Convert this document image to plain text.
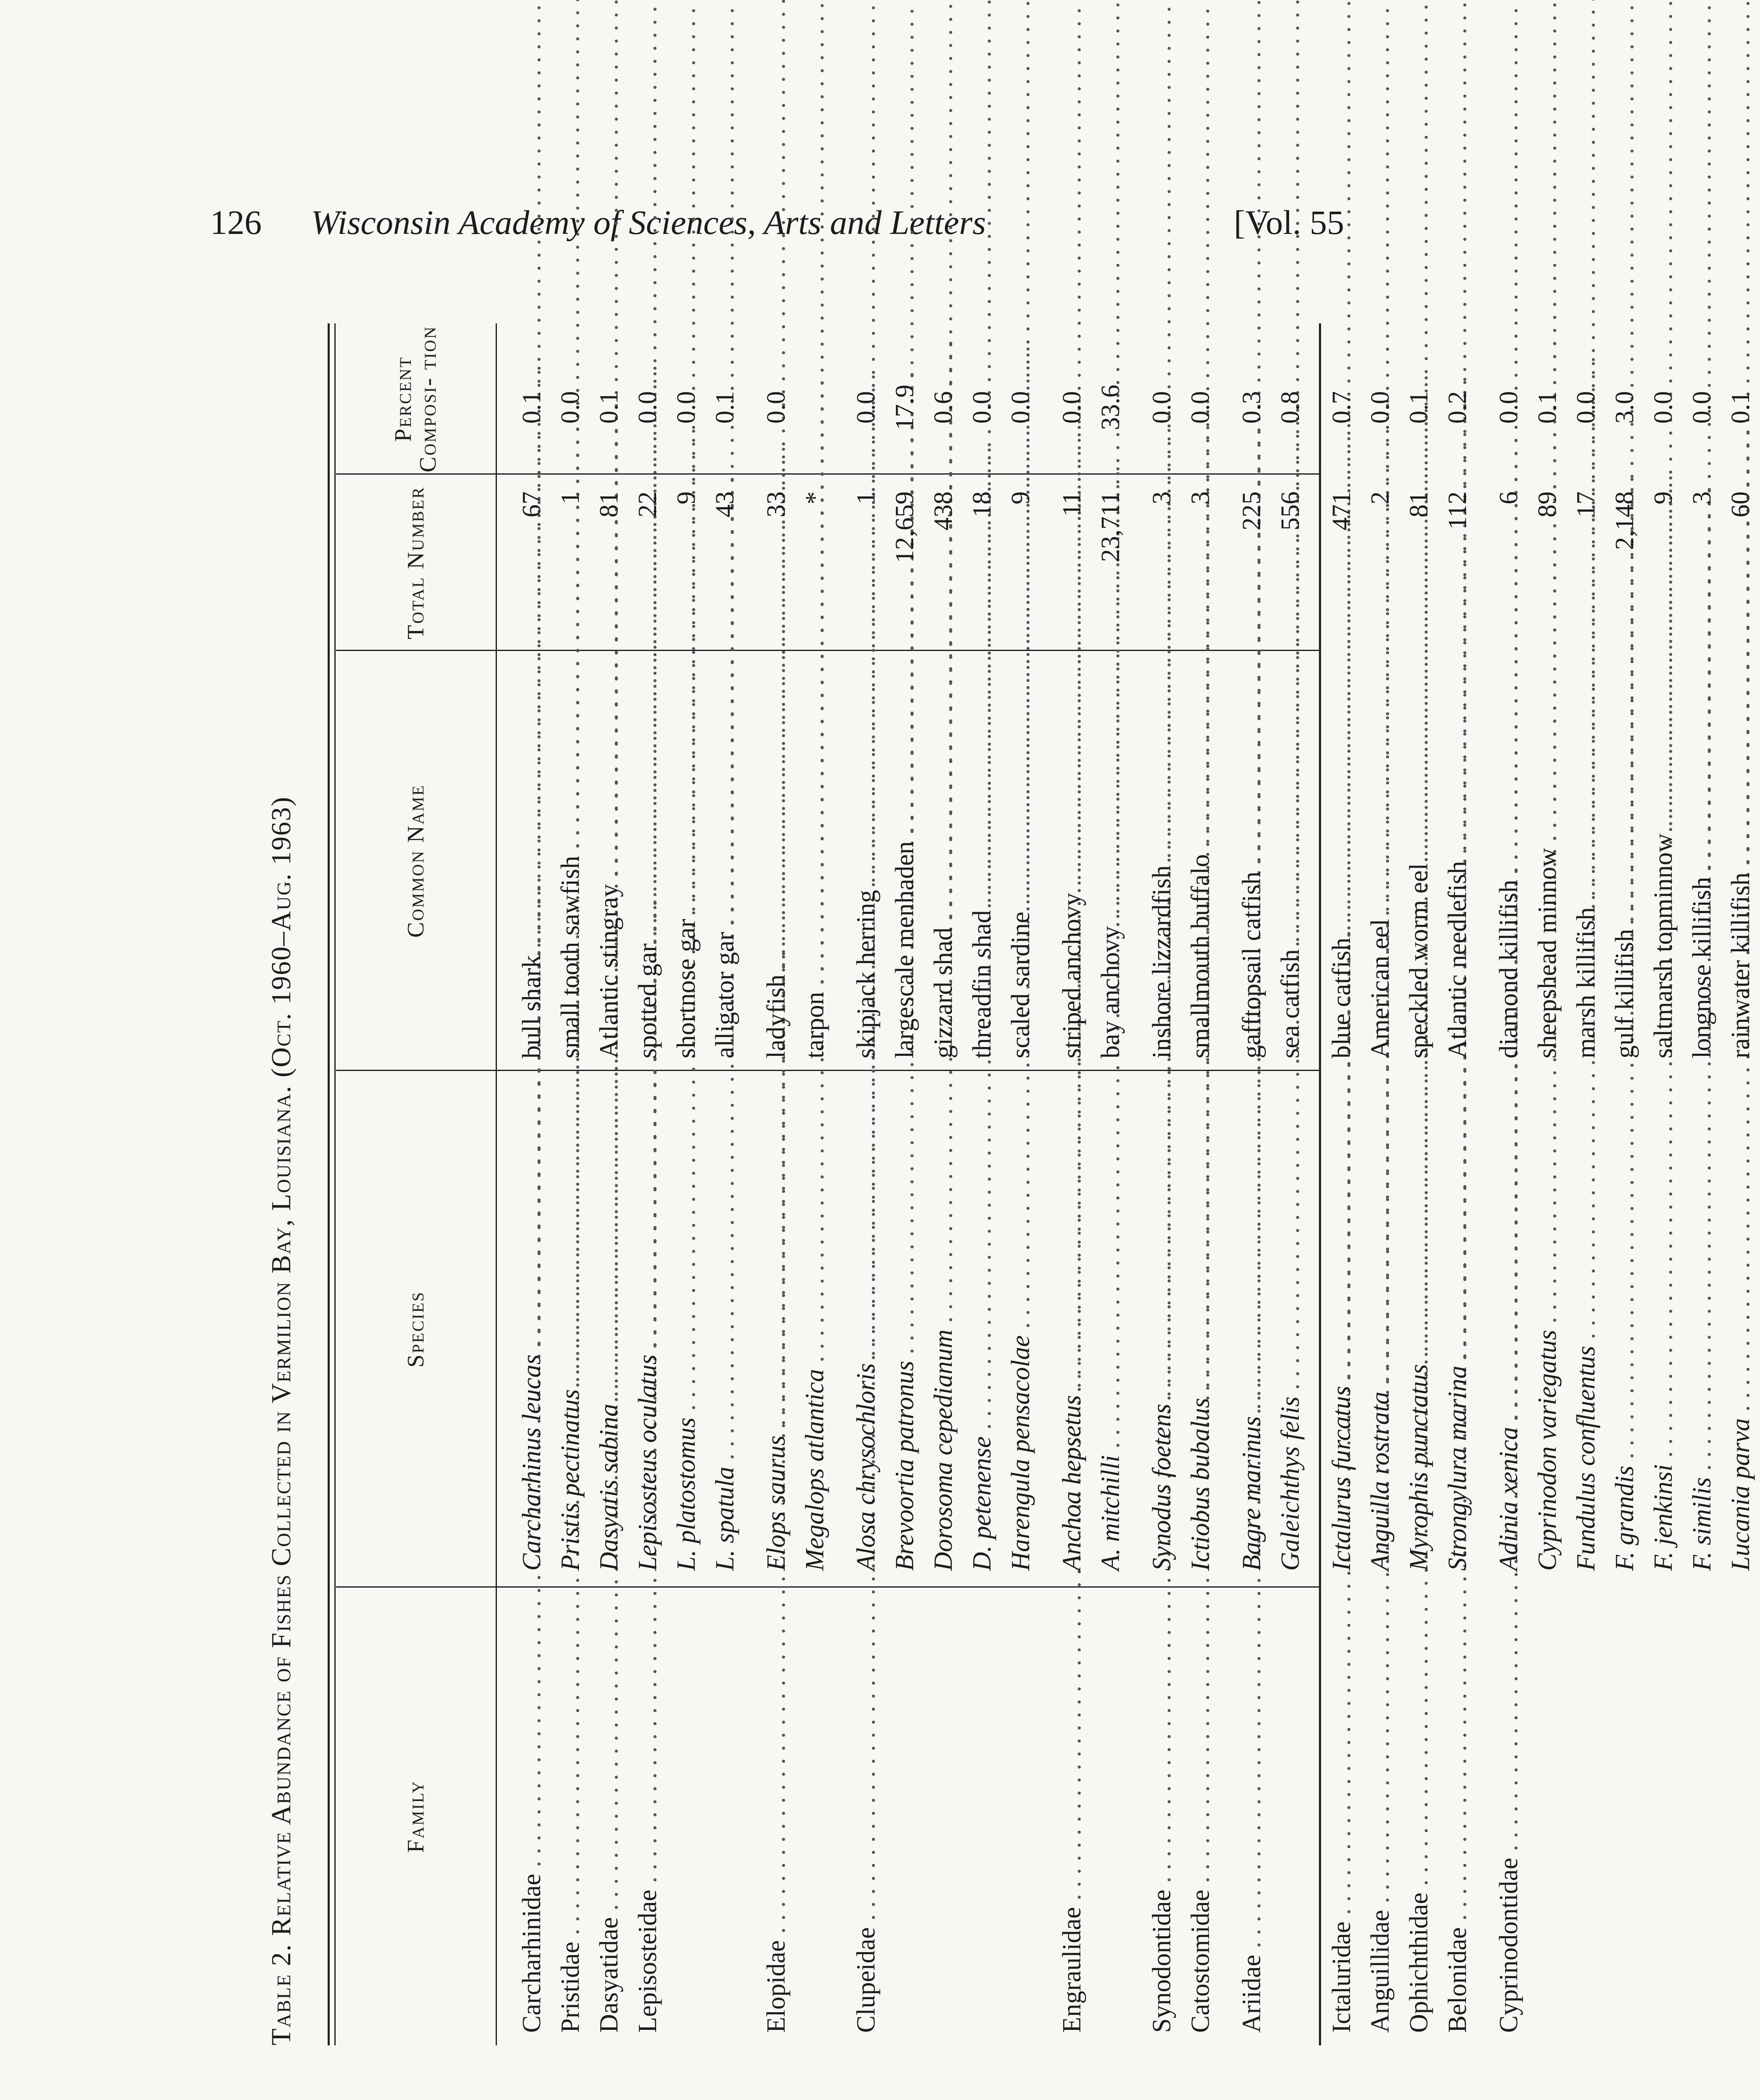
126	Wisconsin Academy of Sciences, Arts and Letters	[Vol. 55
Table 2.

Relative Abundance of Fishes Collected in Vermilion Bay, Louisiana.

(Oct. 1960–Aug. 1963)
Family
Species
Common Name
Total Number
Percent Composi- tion
Carcharhinidae . . .
Carcharhinus leucas . . .
bull shark . . .
67
0.1
Pristidae . . .
Pristis pectinatus . . .
small tooth sawfish . . .
1
0.0
Dasyatidae . . .
Dasyatis sabina . . .
Atlantic stingray . . .
81
0.1
Lepisosteidae . . .
Lepisosteus oculatus . . .
spotted gar . . .
22
0.0
L. platostomus . . .
shortnose gar . . .
9
0.0
L. spatula . . .
alligator gar . . .
43
0.1
Elopidae . . .
Elops saurus . . .
ladyfish . . .
33
0.0
Megalops atlantica . . .
tarpon . . .
*
Clupeidae . . .
Alosa chrysochloris . . .
skipjack herring . . .
1
0.0
Brevoortia patronus . . .
largescale menhaden . . .
12,659
17.9
Dorosoma cepedianum . . .
gizzard shad . . .
438
0.6
D. petenense . . .
threadfin shad . . .
18
0.0
Harengula pensacolae . . .
scaled sardine . . .
9
0.0
Engraulidae . . .
Anchoa hepsetus . . .
striped anchovy . . .
11
0.0
A. mitchilli . . .
bay anchovy . . .
23,711
33.6
Synodontidae . . .
Synodus foetens . . .
inshore lizzardfish . . .
3
0.0
Catostomidae . . .
Ictiobus bubalus . . .
smallmouth buffalo . . .
3
0.0
Ariidae . . .
Bagre marinus . . .
gafftopsail catfish . . .
225
0.3
Galeichthys felis . . .
sea catfish . . .
556
0.8
Ictaluridae . . .
Ictalurus furcatus . . .
blue catfish . . .
471
0.7
Anguillidae . . .
Anguilla rostrata . . .
American eel . . .
2
0.0
Ophichthidae . . .
Myrophis punctatus . . .
speckled worm eel . . .
81
0.1
Belonidae . . .
Strongylura marina . . .
Atlantic needlefish . . .
112
0.2
Cyprinodontidae . . .
Adinia xenica . . .
diamond killifish . . .
6
0.0
Cyprinodon variegatus . . .
sheepshead minnow . . .
89
0.1
Fundulus confluentus . . .
marsh killifish . . .
17
0.0
F. grandis . . .
gulf killifish . . .
2,148
3.0
F. jenkinsi . . .
saltmarsh topminnow . . .
9
0.0
F. similis . . .
longnose killifish . . .
3
0.0
Lucania parva . . .
rainwater killifish . . .
60
0.1
